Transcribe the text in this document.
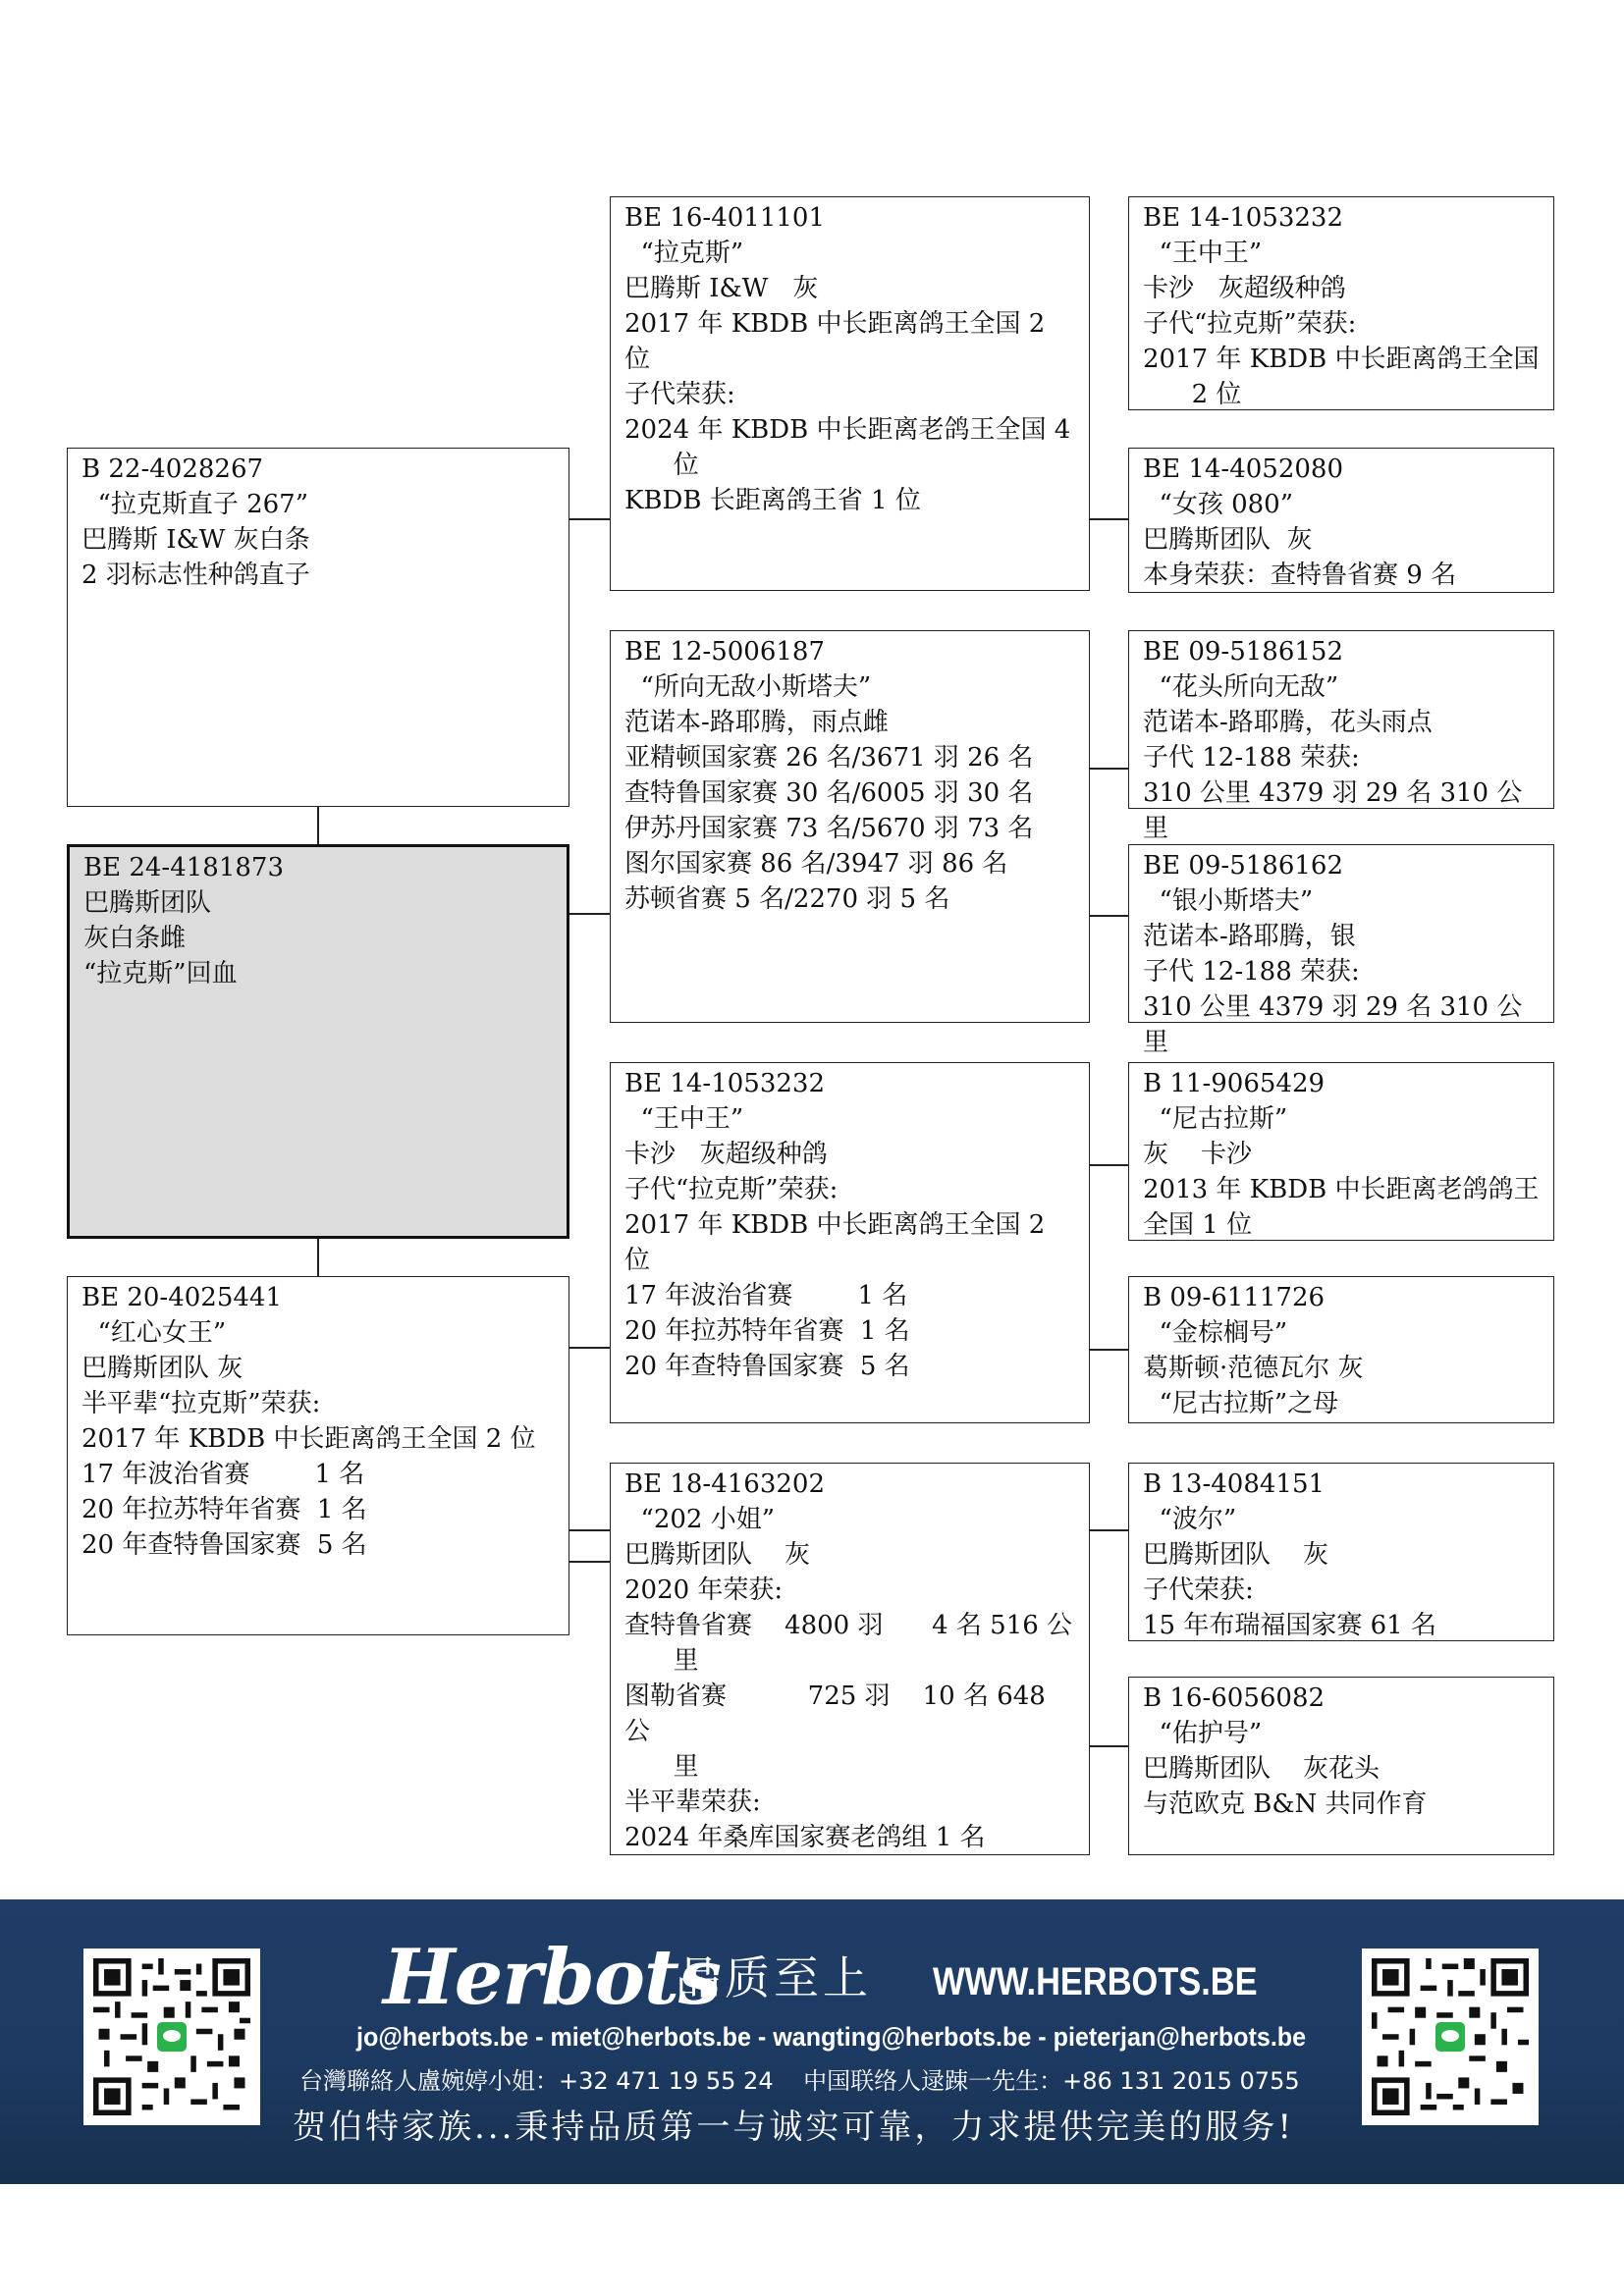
B 22-4028267
“拉克斯直子 267”
巴腾斯 I&W 灰白条
2 羽标志性种鸽直子
BE 24-4181873
巴腾斯团队
灰白条雌
“拉克斯”回血
BE 20-4025441
“红心女王”
巴腾斯团队 灰
半平辈“拉克斯”荣获:
2017 年 KBDB 中长距离鸽王全国 2 位
17 年波治省赛        1 名
20 年拉苏特年省赛  1 名
20 年查特鲁国家赛  5 名
BE 16-4011101
“拉克斯”
巴腾斯 I&W   灰
2017 年 KBDB 中长距离鸽王全国 2 位
子代荣获:
2024 年 KBDB 中长距离老鸽王全国 4
位
KBDB 长距离鸽王省 1 位
BE 12-5006187
“所向无敌小斯塔夫”
范诺本-路耶腾，雨点雌
亚精顿国家赛 26 名/3671 羽 26 名
查特鲁国家赛 30 名/6005 羽 30 名
伊苏丹国家赛 73 名/5670 羽 73 名
图尔国家赛 86 名/3947 羽 86 名
苏顿省赛 5 名/2270 羽 5 名
BE 14-1053232
“王中王”
卡沙   灰超级种鸽
子代“拉克斯”荣获:
2017 年 KBDB 中长距离鸽王全国 2 位
17 年波治省赛        1 名
20 年拉苏特年省赛  1 名
20 年查特鲁国家赛  5 名
BE 18-4163202
“202 小姐”
巴腾斯团队    灰
2020 年荣获:
查特鲁省赛    4800 羽      4 名 516 公
里
图勒省赛          725 羽    10 名 648 公
里
半平辈荣获:
2024 年桑库国家赛老鸽组 1 名
BE 14-1053232
“王中王”
卡沙   灰超级种鸽
子代“拉克斯”荣获:
2017 年 KBDB 中长距离鸽王全国
2 位
BE 14-4052080
“女孩 080”
巴腾斯团队  灰
本身荣获：查特鲁省赛 9 名
BE 09-5186152
“花头所向无敌”
范诺本-路耶腾，花头雨点
子代 12-188 荣获:
310 公里 4379 羽 29 名 310 公里
BE 09-5186162
“银小斯塔夫”
范诺本-路耶腾，银
子代 12-188 荣获:
310 公里 4379 羽 29 名 310 公里
B 11-9065429
“尼古拉斯”
灰    卡沙
2013 年 KBDB 中长距离老鸽鸽王
全国 1 位
B 09-6111726
“金棕榈号”
葛斯顿·范德瓦尔 灰
“尼古拉斯”之母
B 13-4084151
“波尔”
巴腾斯团队    灰
子代荣获:
15 年布瑞福国家赛 61 名
B 16-6056082
“佑护号”
巴腾斯团队    灰花头
与范欧克 B&N 共同作育
Herbots
品质至上 WWW.HERBOTS.BE
jo@herbots.be - miet@herbots.be - wangting@herbots.be - pieterjan@herbots.be
台灣聯絡人盧婉婷小姐：+32 471 19 55 24    中国联络人逯踈一先生：+86 131 2015 0755
贺伯特家族...秉持品质第一与诚实可靠，力求提供完美的服务!
